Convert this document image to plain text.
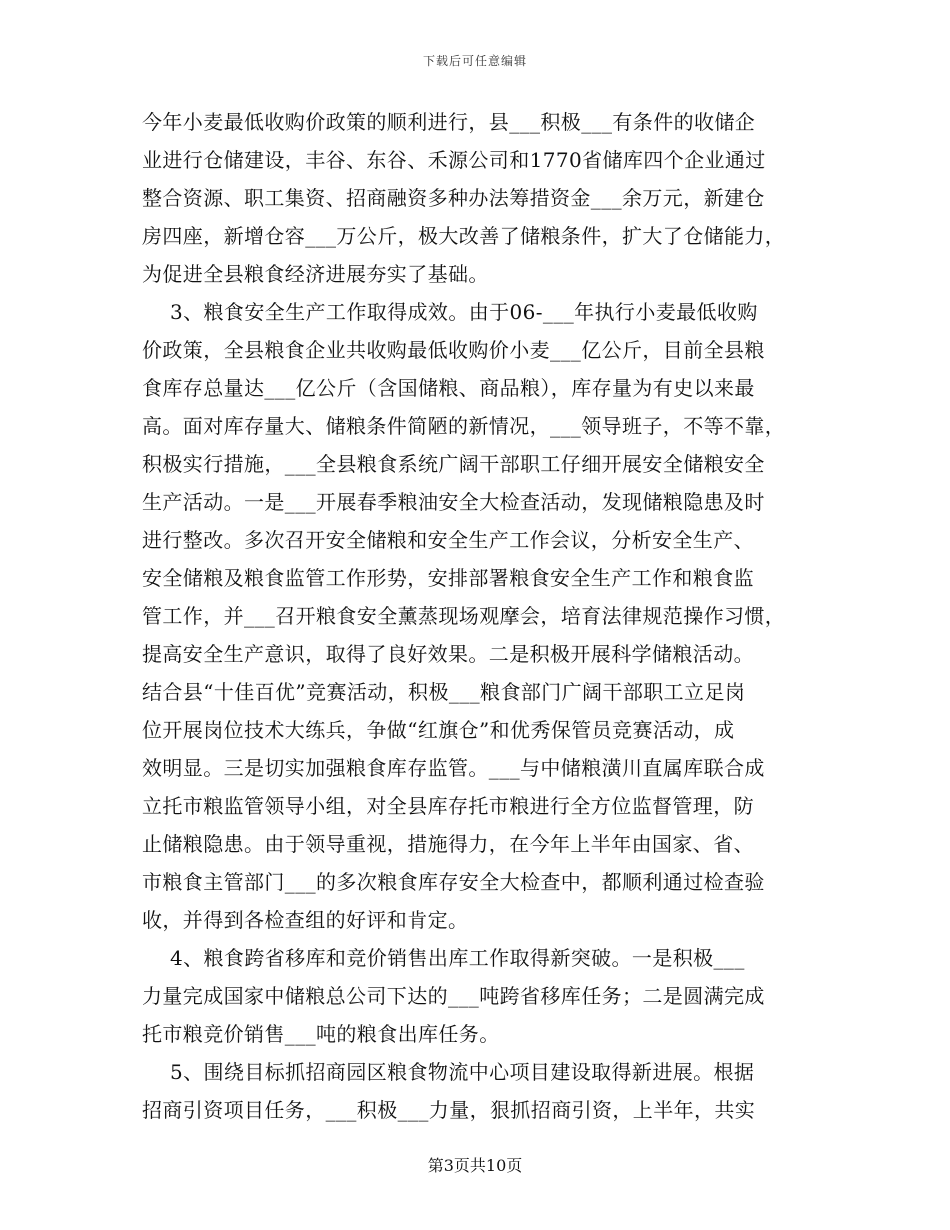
下载后可任意编辑
今年小麦最低收购价政策的顺利进行，县___积极___有条件的收储企
业进行仓储建设，丰谷、东谷、禾源公司和1770省储库四个企业通过
整合资源、职工集资、招商融资多种办法筹措资金___余万元，新建仓
房四座，新增仓容___万公斤，极大改善了储粮条件，扩大了仓储能力，
为促进全县粮食经济进展夯实了基础。
3、粮食安全生产工作取得成效。由于06-___年执行小麦最低收购
价政策，全县粮食企业共收购最低收购价小麦___亿公斤，目前全县粮
食库存总量达___亿公斤（含国储粮、商品粮），库存量为有史以来最
高。面对库存量大、储粮条件简陋的新情况，___领导班子，不等不靠，
积极实行措施，___全县粮食系统广阔干部职工仔细开展安全储粮安全
生产活动。一是___开展春季粮油安全大检查活动，发现储粮隐患及时
进行整改。多次召开安全储粮和安全生产工作会议，分析安全生产、
安全储粮及粮食监管工作形势，安排部署粮食安全生产工作和粮食监
管工作，并___召开粮食安全薰蒸现场观摩会，培育法律规范操作习惯，
提高安全生产意识，取得了良好效果。二是积极开展科学储粮活动。
结合县“十佳百优”竞赛活动，积极___粮食部门广阔干部职工立足岗
位开展岗位技术大练兵，争做“红旗仓”和优秀保管员竞赛活动，成
效明显。三是切实加强粮食库存监管。___与中储粮潢川直属库联合成
立托市粮监管领导小组，对全县库存托市粮进行全方位监督管理，防
止储粮隐患。由于领导重视，措施得力，在今年上半年由国家、省、
市粮食主管部门___的多次粮食库存安全大检查中，都顺利通过检查验
收，并得到各检查组的好评和肯定。
4、粮食跨省移库和竞价销售出库工作取得新突破。一是积极___
力量完成国家中储粮总公司下达的___吨跨省移库任务；二是圆满完成
托市粮竞价销售___吨的粮食出库任务。
5、围绕目标抓招商园区粮食物流中心项目建设取得新进展。根据
招商引资项目任务，___积极___力量，狠抓招商引资，上半年，共实
第3页共10页
